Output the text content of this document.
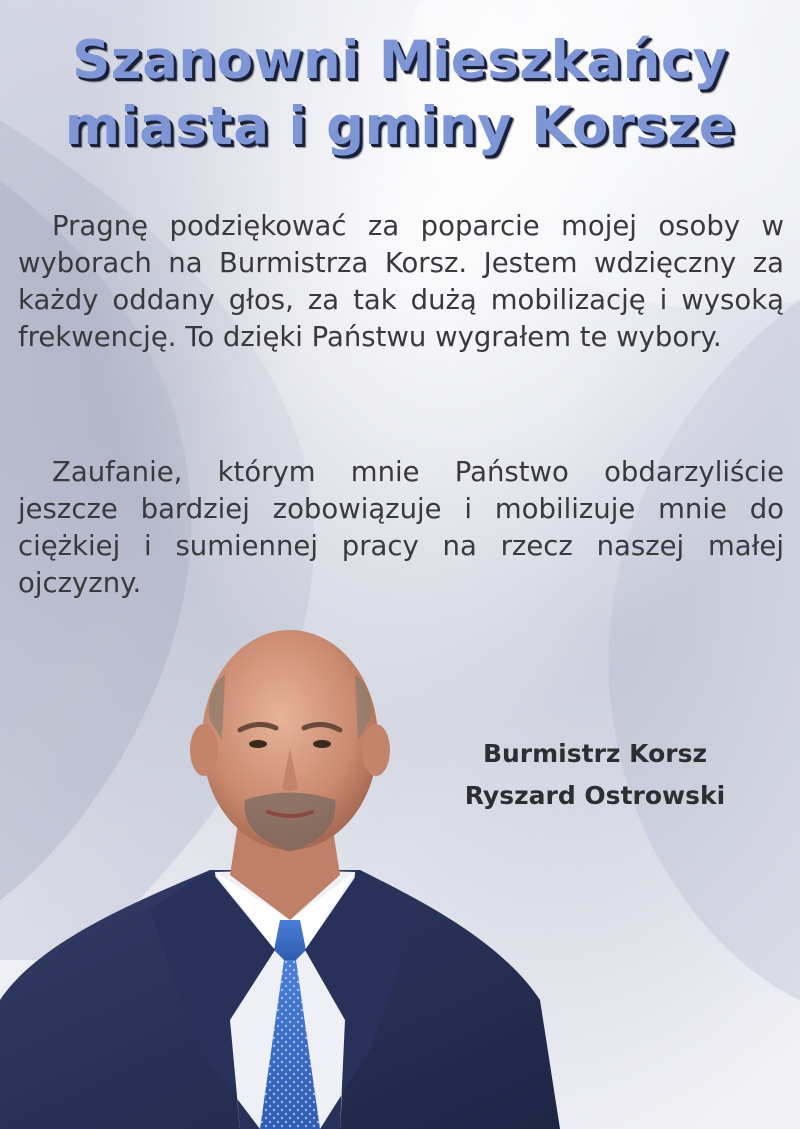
Szanowni Mieszkańcy
miasta i gminy Korsze

Pragnę podziękować za poparcie mojej osoby w wyborach na Burmistrza Korsz. Jestem wdzięczny za każdy oddany głos, za tak dużą mobilizację i wysoką frekwencję. To dzięki Państwu wygrałem te wybory.

Zaufanie, którym mnie Państwo obdarzyliście jeszcze bardziej zobowiązuje i mobilizuje mnie do ciężkiej i sumiennej pracy na rzecz naszej małej ojczyzny.

Burmistrz Korsz
Ryszard Ostrowski
